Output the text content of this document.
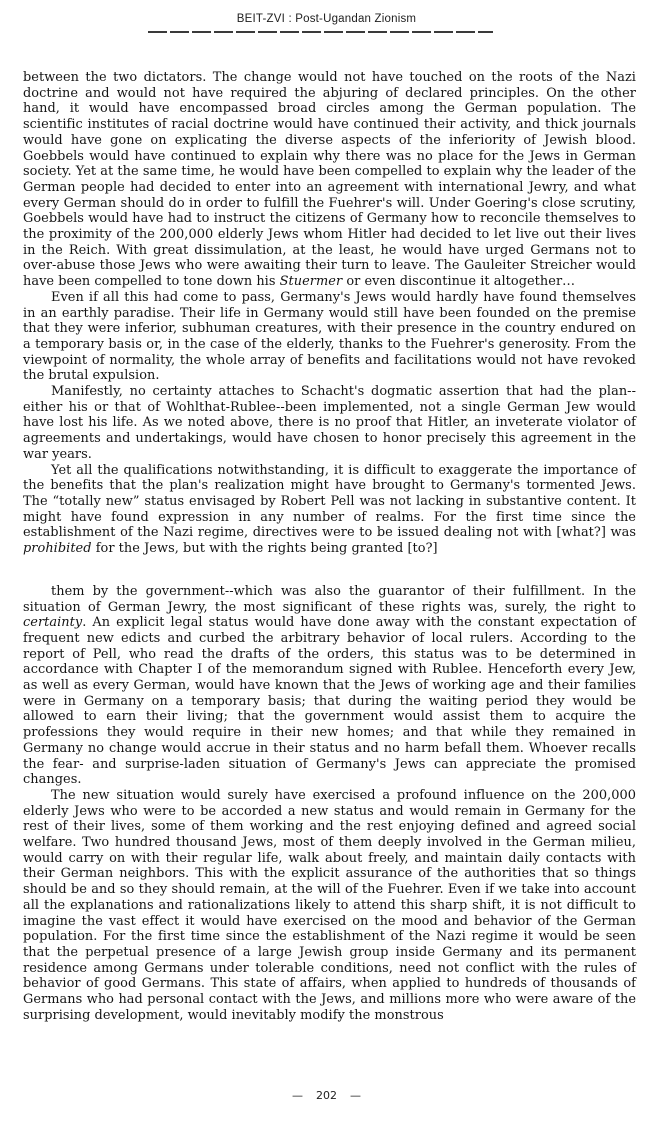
BEIT-ZVI : Post-Ugandan Zionism

between the two dictators. The change would not have touched on the roots of the Nazi doctrine and would not have required the abjuring of declared principles. On the other hand, it would have encompassed broad circles among the German population. The scientific institutes of racial doctrine would have continued their activity, and thick journals would have gone on explicating the diverse aspects of the inferiority of Jewish blood. Goebbels would have continued to explain why there was no place for the Jews in German society. Yet at the same time, he would have been compelled to explain why the leader of the German people had decided to enter into an agreement with international Jewry, and what every German should do in order to fulfill the Fuehrer's will. Under Goering's close scrutiny, Goebbels would have had to instruct the citizens of Germany how to reconcile themselves to the proximity of the 200,000 elderly Jews whom Hitler had decided to let live out their lives in the Reich. With great dissimulation, at the least, he would have urged Germans not to over-abuse those Jews who were awaiting their turn to leave. The Gauleiter Streicher would have been compelled to tone down his Stuermer or even discontinue it altogether…

Even if all this had come to pass, Germany's Jews would hardly have found themselves in an earthly paradise. Their life in Germany would still have been founded on the premise that they were inferior, subhuman creatures, with their presence in the country endured on a temporary basis or, in the case of the elderly, thanks to the Fuehrer's generosity. From the viewpoint of normality, the whole array of benefits and facilitations would not have revoked the brutal expulsion.

Manifestly, no certainty attaches to Schacht's dogmatic assertion that had the plan--either his or that of Wohlthat-Rublee--been implemented, not a single German Jew would have lost his life. As we noted above, there is no proof that Hitler, an inveterate violator of agreements and undertakings, would have chosen to honor precisely this agreement in the war years.

Yet all the qualifications notwithstanding, it is difficult to exaggerate the importance of the benefits that the plan's realization might have brought to Germany's tormented Jews. The “totally new” status envisaged by Robert Pell was not lacking in substantive content. It might have found expression in any number of realms. For the first time since the establishment of the Nazi regime, directives were to be issued dealing not with [what?] was prohibited for the Jews, but with the rights being granted [to?]

them by the government--which was also the guarantor of their fulfillment. In the situation of German Jewry, the most significant of these rights was, surely, the right to certainty. An explicit legal status would have done away with the constant expectation of frequent new edicts and curbed the arbitrary behavior of local rulers. According to the report of Pell, who read the drafts of the orders, this status was to be determined in accordance with Chapter I of the memorandum signed with Rublee. Henceforth every Jew, as well as every German, would have known that the Jews of working age and their families were in Germany on a temporary basis; that during the waiting period they would be allowed to earn their living; that the government would assist them to acquire the professions they would require in their new homes; and that while they remained in Germany no change would accrue in their status and no harm befall them. Whoever recalls the fear- and surprise-laden situation of Germany's Jews can appreciate the promised changes.

The new situation would surely have exercised a profound influence on the 200,000 elderly Jews who were to be accorded a new status and would remain in Germany for the rest of their lives, some of them working and the rest enjoying defined and agreed social welfare. Two hundred thousand Jews, most of them deeply involved in the German milieu, would carry on with their regular life, walk about freely, and maintain daily contacts with their German neighbors. This with the explicit assurance of the authorities that so things should be and so they should remain, at the will of the Fuehrer. Even if we take into account all the explanations and rationalizations likely to attend this sharp shift, it is not difficult to imagine the vast effect it would have exercised on the mood and behavior of the German population. For the first time since the establishment of the Nazi regime it would be seen that the perpetual presence of a large Jewish group inside Germany and its permanent residence among Germans under tolerable conditions, need not conflict with the rules of behavior of good Germans. This state of affairs, when applied to hundreds of thousands of Germans who had personal contact with the Jews, and millions more who were aware of the surprising development, would inevitably modify the monstrous

— 202 —
